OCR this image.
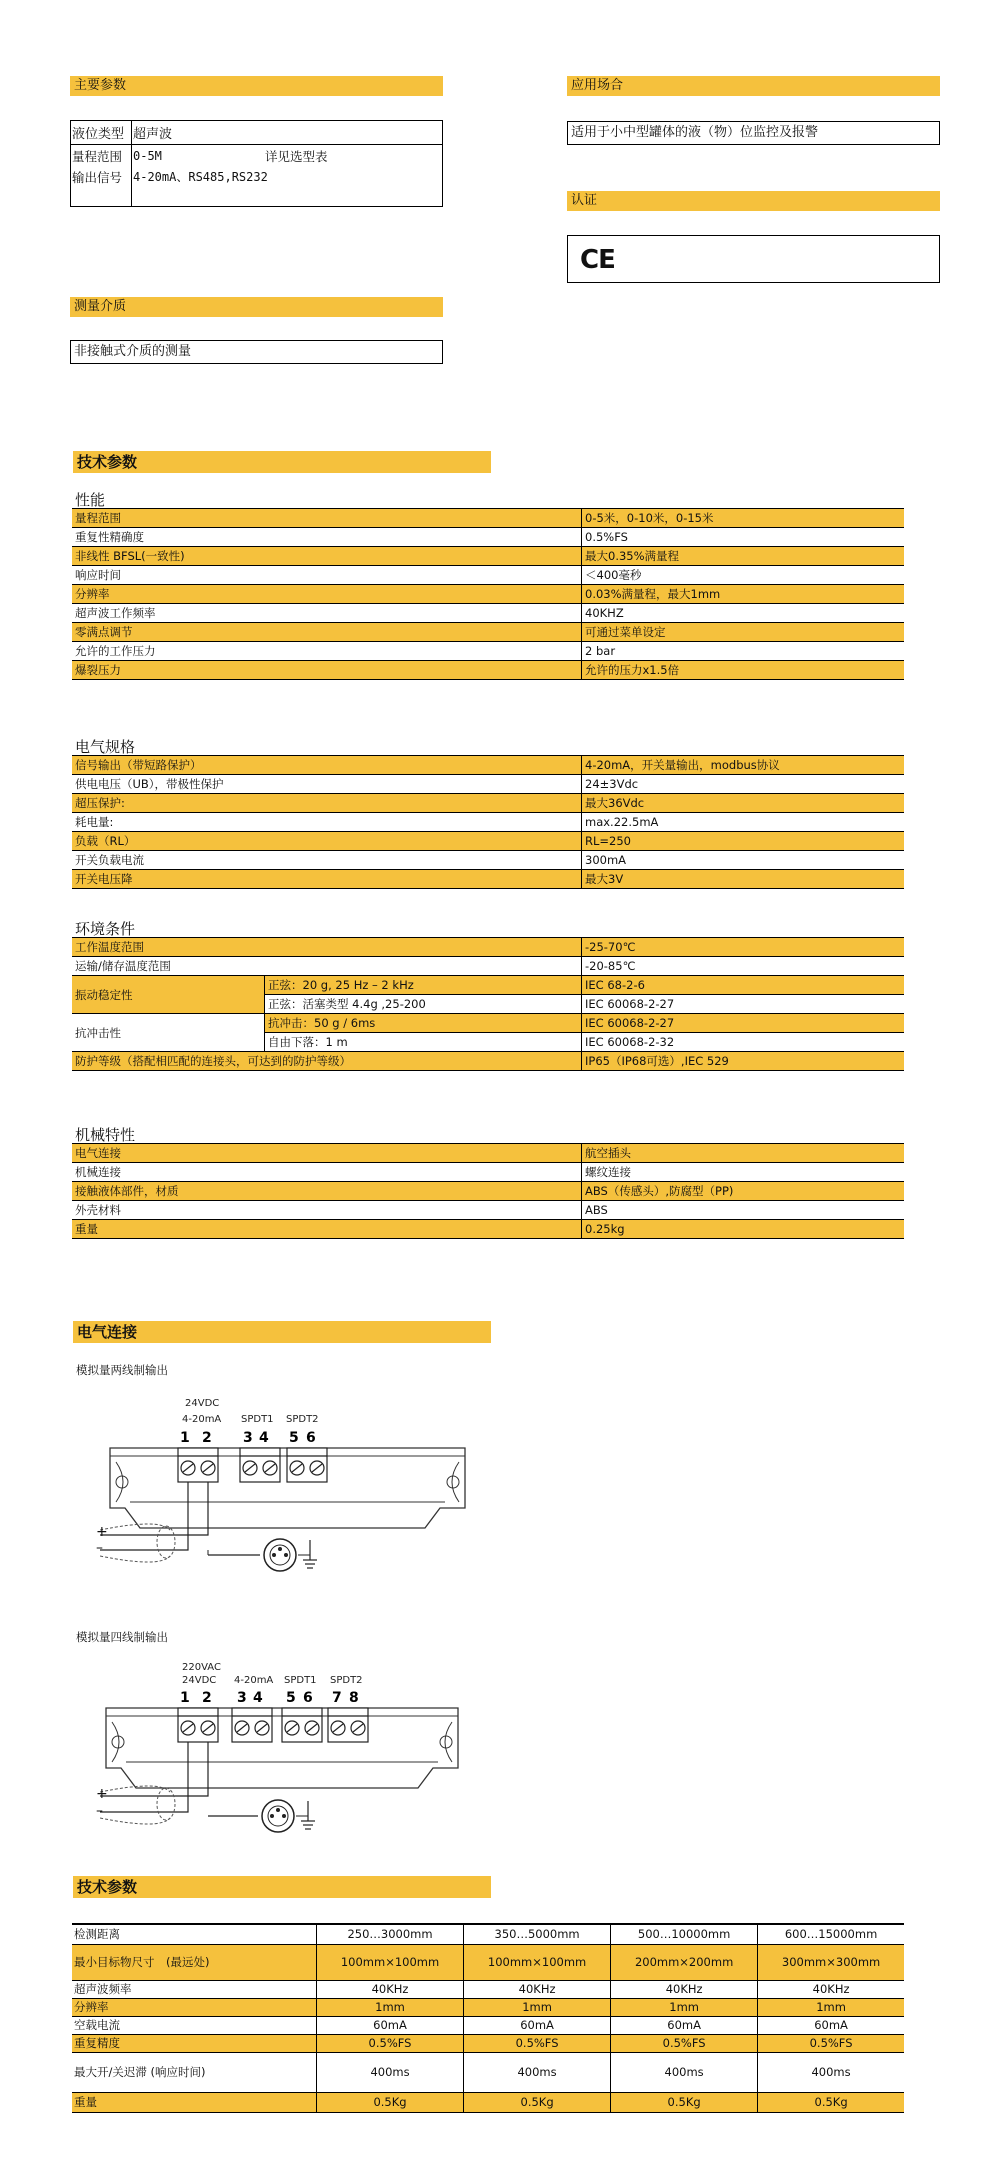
主要参数
液位类型	超声波	
量程范围	0-5M	详见选型表
输出信号	4-20mA、RS485,RS232	
应用场合
适用于小中型罐体的液（物）位监控及报警
认证
CE
测量介质
非接触式介质的测量
技术参数
性能
量程范围	0-5米，0-10米，0-15米
重复性精确度	0.5%FS
非线性 BFSL(一致性)	最大0.35%满量程
响应时间	＜400毫秒
分辨率	0.03%满量程，最大1mm
超声波工作频率	40KHZ
零满点调节	可通过菜单设定
允许的工作压力	2 bar
爆裂压力	允许的压力x1.5倍
电气规格
信号输出（带短路保护）	4-20mA，开关量输出，modbus协议
供电电压（UB），带极性保护	24±3Vdc
超压保护:	最大36Vdc
耗电量:	max.22.5mA
负载（RL）	RL=250
开关负载电流	300mA
开关电压降	最大3V
环境条件
工作温度范围		-25-70℃
运输/储存温度范围		-20-85℃
振动稳定性	正弦：20 g, 25 Hz – 2 kHz	IEC 68-2-6
	正弦：活塞类型 4.4g ,25-200	IEC 60068-2-27
抗冲击性	抗冲击：50 g / 6ms	IEC 60068-2-27
	自由下落：1 m	IEC 60068-2-32
防护等级（搭配相匹配的连接头，可达到的防护等级）		IP65（IP68可选）,IEC 529
机械特性
电气连接	航空插头
机械连接	螺纹连接
接触液体部件，材质	ABS（传感头）,防腐型（PP)
外壳材料	ABS
重量	0.25kg
电气连接
模拟量两线制输出
24VDC
4-20mA SPDT1 SPDT2
1 2 3 4 5 6
+
–
模拟量四线制输出
220VAC
24VDC 4-20mA SPDT1 SPDT2
1 2 3 4 5 6 7 8
+
–
技术参数
检测距离	250…3000mm	350…5000mm	500…10000mm	600…15000mm
最小目标物尺寸　(最远处)	100mm×100mm	100mm×100mm	200mm×200mm	300mm×300mm
超声波频率	40KHz	40KHz	40KHz	40KHz
分辨率	1mm	1mm	1mm	1mm
空载电流	60mA	60mA	60mA	60mA
重复精度	0.5%FS	0.5%FS	0.5%FS	0.5%FS
最大开/关迟滞 (响应时间)	400ms	400ms	400ms	400ms
重量	0.5Kg	0.5Kg	0.5Kg	0.5Kg
